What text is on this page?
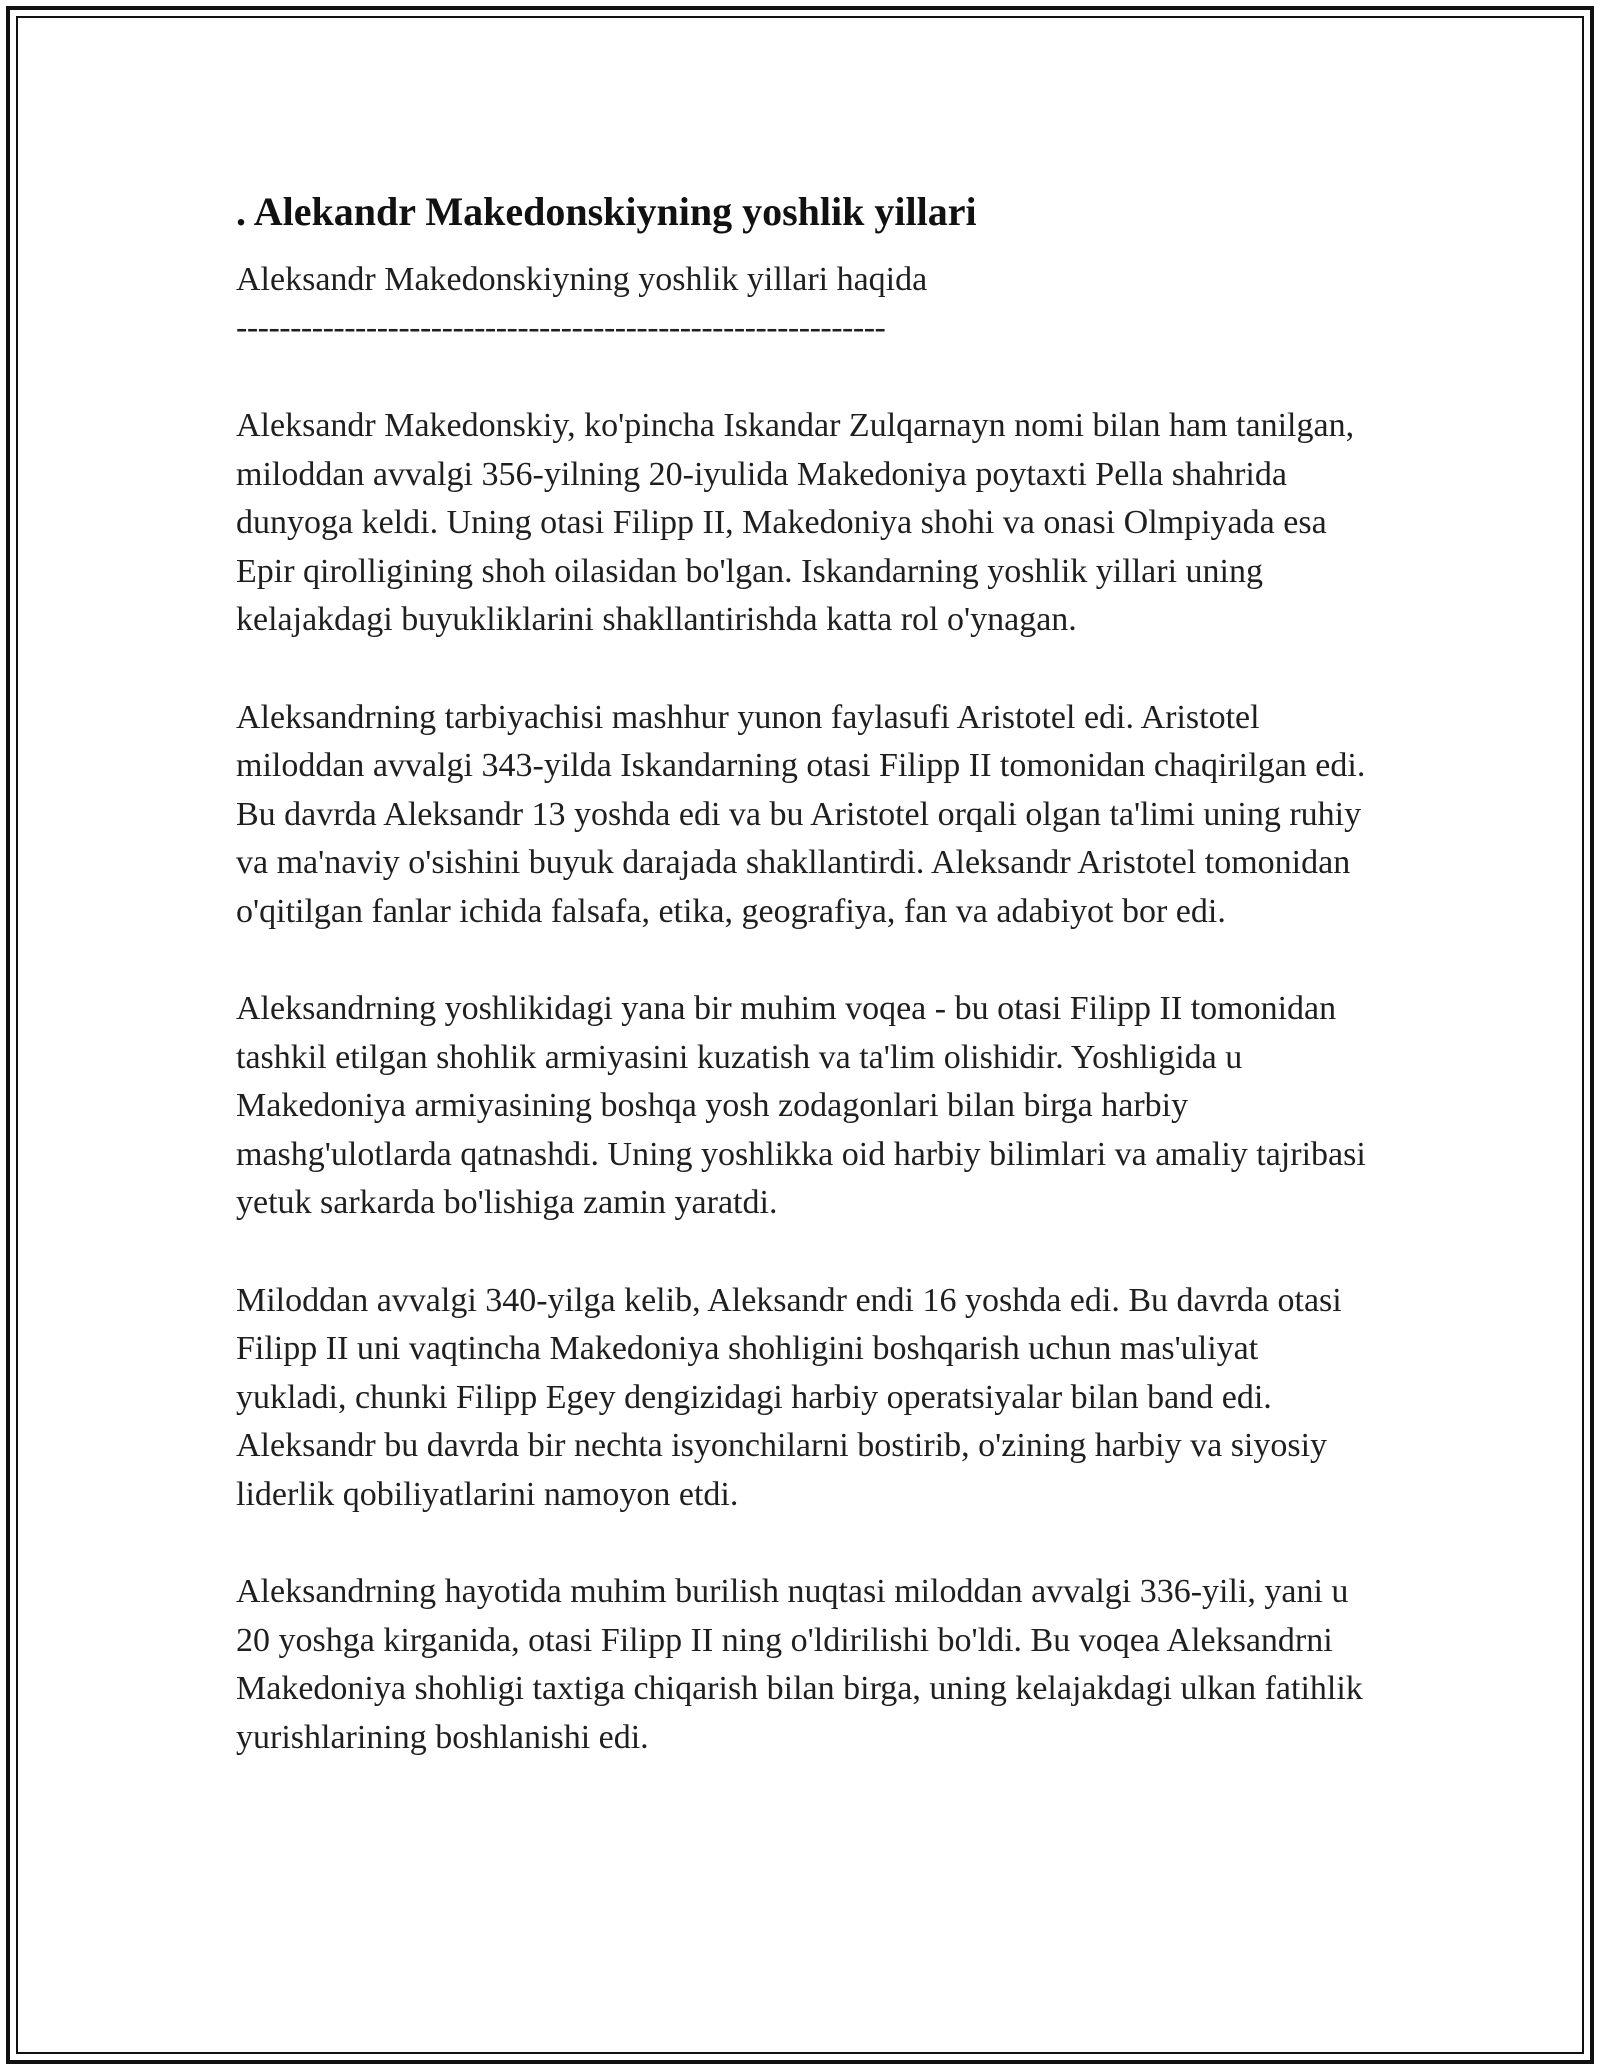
. Alekandr Makedonskiyning yoshlik yillari

Aleksandr Makedonskiyning yoshlik yillari haqida

------------------------------------------------------------

Aleksandr Makedonskiy, ko'pincha Iskandar Zulqarnayn nomi bilan ham tanilgan, miloddan avvalgi 356-yilning 20-iyulida Makedoniya poytaxti Pella shahrida dunyoga keldi. Uning otasi Filipp II, Makedoniya shohi va onasi Olmpiyada esa Epir qirolligining shoh oilasidan bo'lgan. Iskandarning yoshlik yillari uning kelajakdagi buyukliklarini shakllantirishda katta rol o'ynagan.

Aleksandrning tarbiyachisi mashhur yunon faylasufi Aristotel edi. Aristotel miloddan avvalgi 343-yilda Iskandarning otasi Filipp II tomonidan chaqirilgan edi. Bu davrda Aleksandr 13 yoshda edi va bu Aristotel orqali olgan ta'limi uning ruhiy va ma'naviy o'sishini buyuk darajada shakllantirdi. Aleksandr Aristotel tomonidan o'qitilgan fanlar ichida falsafa, etika, geografiya, fan va adabiyot bor edi.

Aleksandrning yoshlikidagi yana bir muhim voqea - bu otasi Filipp II tomonidan tashkil etilgan shohlik armiyasini kuzatish va ta'lim olishidir. Yoshligida u Makedoniya armiyasining boshqa yosh zodagonlari bilan birga harbiy mashg'ulotlarda qatnashdi. Uning yoshlikka oid harbiy bilimlari va amaliy tajribasi yetuk sarkarda bo'lishiga zamin yaratdi.

Miloddan avvalgi 340-yilga kelib, Aleksandr endi 16 yoshda edi. Bu davrda otasi Filipp II uni vaqtincha Makedoniya shohligini boshqarish uchun mas'uliyat yukladi, chunki Filipp Egey dengizidagi harbiy operatsiyalar bilan band edi. Aleksandr bu davrda bir nechta isyonchilarni bostirib, o'zining harbiy va siyosiy liderlik qobiliyatlarini namoyon etdi.

Aleksandrning hayotida muhim burilish nuqtasi miloddan avvalgi 336-yili, yani u 20 yoshga kirganida, otasi Filipp II ning o'ldirilishi bo'ldi. Bu voqea Aleksandrni Makedoniya shohligi taxtiga chiqarish bilan birga, uning kelajakdagi ulkan fatihlik yurishlarining boshlanishi edi.
